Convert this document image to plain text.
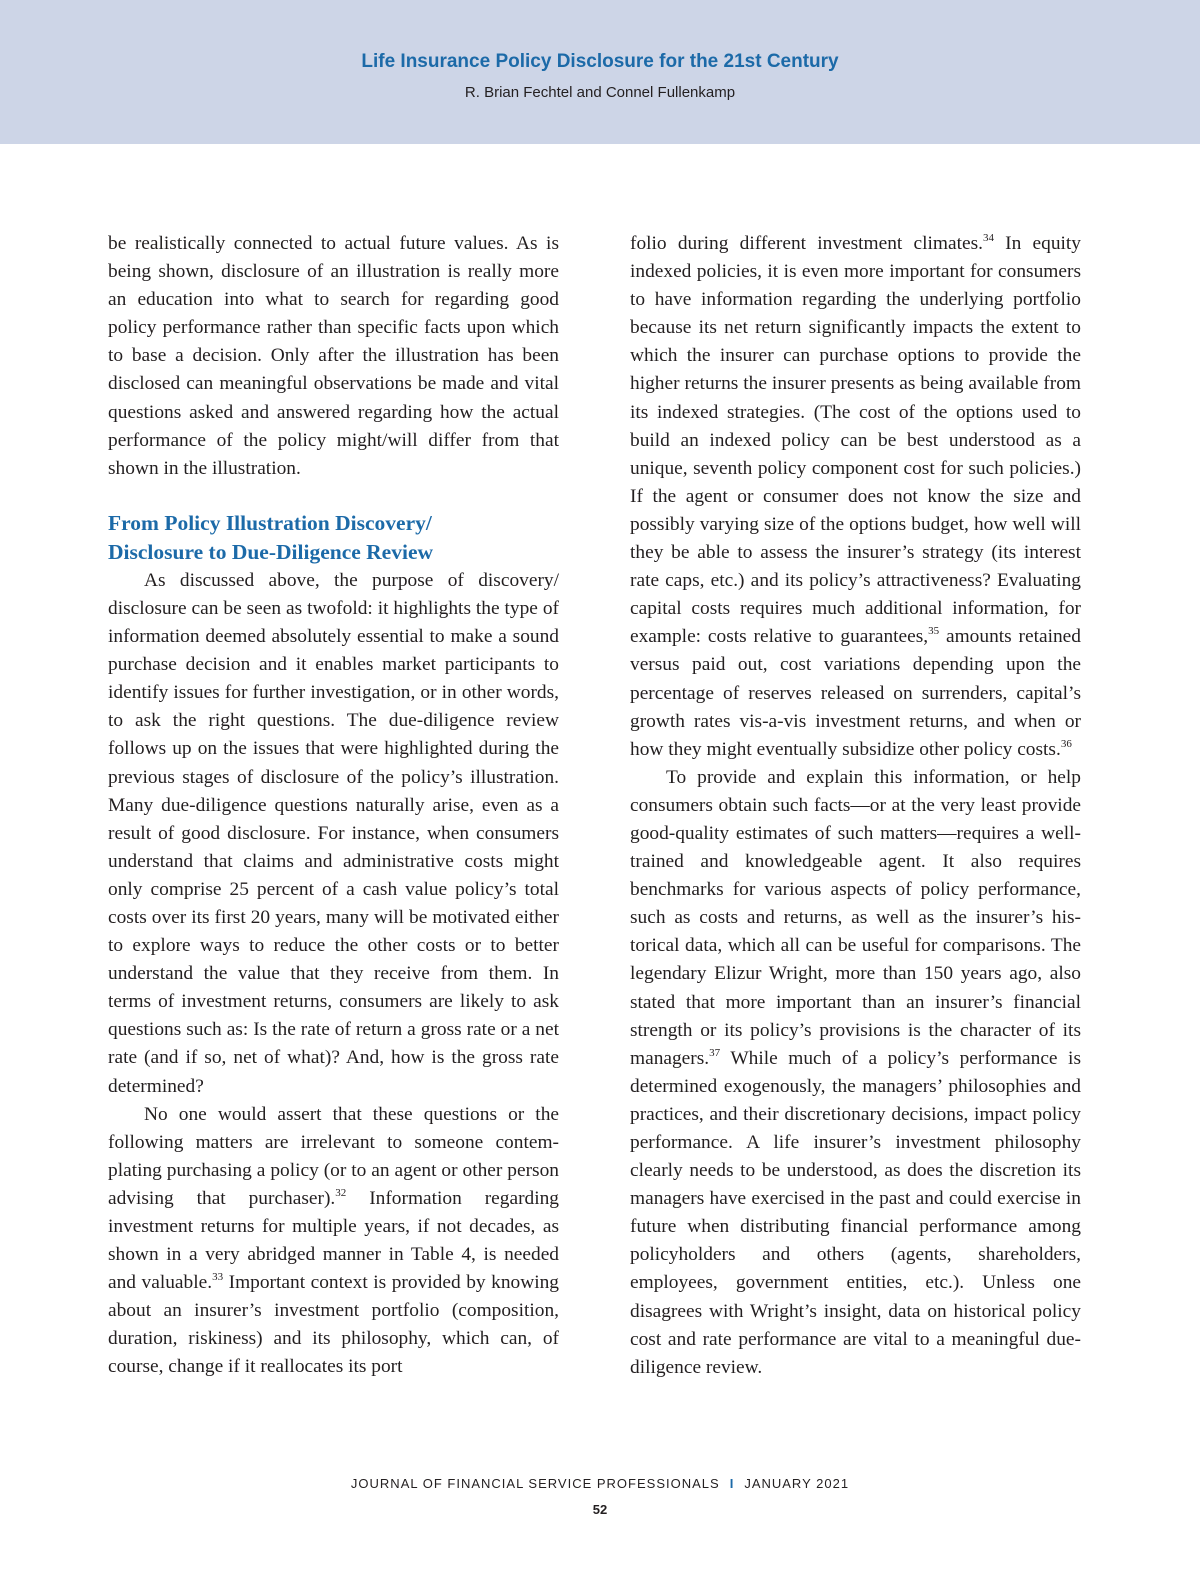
Life Insurance Policy Disclosure for the 21st Century
R. Brian Fechtel and Connel Fullenkamp

be realistically connected to actual future values. As is being shown, disclosure of an illustration is really more an education into what to search for regarding good policy performance rather than specific facts upon which to base a decision. Only after the illustration has been disclosed can meaningful observations be made and vital questions asked and answered regarding how the actual performance of the policy might/will differ from that shown in the illustration.

From Policy Illustration Discovery/
Disclosure to Due-Diligence Review

As discussed above, the purpose of discovery/ disclosure can be seen as twofold: it highlights the type of information deemed absolutely essential to make a sound purchase decision and it enables market participants to identify issues for further investigation, or in other words, to ask the right questions. The due-diligence review follows up on the issues that were highlighted during the previous stages of disclosure of the policy’s illustration. Many due-diligence questions naturally arise, even as a result of good disclosure. For instance, when consumers understand that claims and administrative costs might only comprise 25 percent of a cash value policy’s total costs over its first 20 years, many will be motivated either to explore ways to reduce the other costs or to better understand the value that they receive from them. In terms of investment returns, consumers are likely to ask questions such as: Is the rate of return a gross rate or a net rate (and if so, net of what)? And, how is the gross rate determined?

No one would assert that these questions or the following matters are irrelevant to someone contemplating purchasing a policy (or to an agent or other person advising that purchaser).$^{32}$ Information regarding investment returns for multiple years, if not decades, as shown in a very abridged manner in Table 4, is needed and valuable.$^{33}$ Important context is provided by knowing about an insurer’s investment portfolio (composition, duration, riskiness) and its philosophy, which can, of course, change if it reallocates its port

folio during different investment climates.$^{34}$ In equity indexed policies, it is even more important for consumers to have information regarding the underlying portfolio because its net return significantly impacts the extent to which the insurer can purchase options to provide the higher returns the insurer presents as being available from its indexed strategies. (The cost of the options used to build an indexed policy can be best understood as a unique, seventh policy component cost for such policies.) If the agent or consumer does not know the size and possibly varying size of the options budget, how well will they be able to assess the insurer’s strategy (its interest rate caps, etc.) and its policy’s attractiveness? Evaluating capital costs requires much additional information, for example: costs relative to guarantees,$^{35}$ amounts retained versus paid out, cost variations depending upon the percentage of reserves released on surrenders, capital’s growth rates vis-a-vis investment returns, and when or how they might eventually subsidize other policy costs.$^{36}$

To provide and explain this information, or help consumers obtain such facts—or at the very least provide good-quality estimates of such matters—requires a well-trained and knowledgeable agent. It also requires benchmarks for various aspects of policy performance, such as costs and returns, as well as the insurer’s historical data, which all can be useful for comparisons. The legendary Elizur Wright, more than 150 years ago, also stated that more important than an insurer’s financial strength or its policy’s provisions is the character of its managers.$^{37}$ While much of a policy’s performance is determined exogenously, the managers’ philosophies and practices, and their discretionary decisions, impact policy performance. A life insurer’s investment philosophy clearly needs to be understood, as does the discretion its managers have exercised in the past and could exercise in future when distributing financial performance among policyholders and others (agents, shareholders, employees, government entities, etc.). Unless one disagrees with Wright’s insight, data on historical policy cost and rate performance are vital to a meaningful due-diligence review.

JOURNAL OF FINANCIAL SERVICE PROFESSIONALS I JANUARY 2021
52
